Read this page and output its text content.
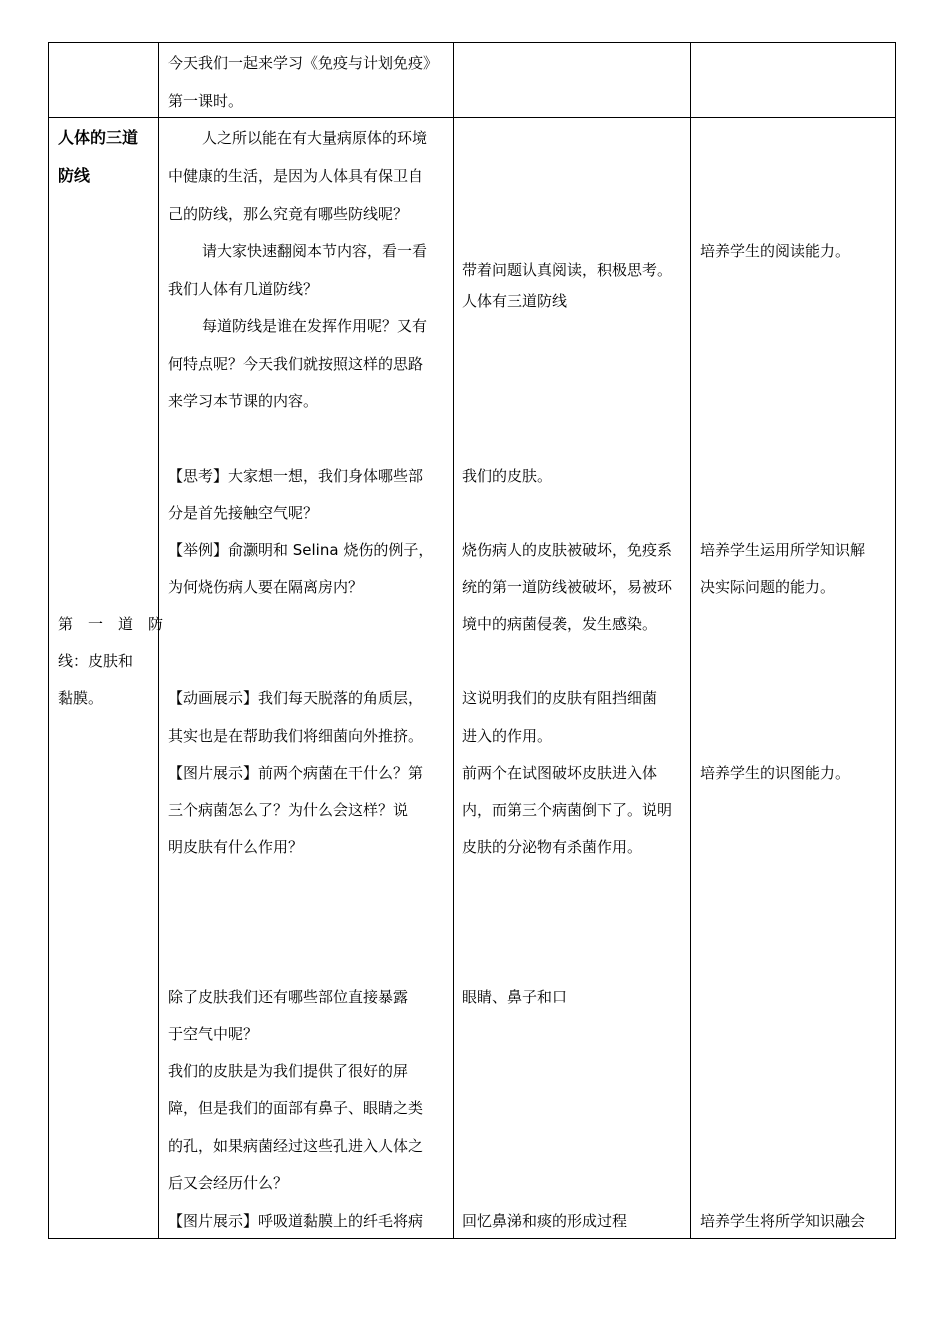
今天我们一起来学习《免疫与计划免疫》
第一课时。
人体的三道
防线
人之所以能在有大量病原体的环境
中健康的生活，是因为人体具有保卫自
己的防线，那么究竟有哪些防线呢？
请大家快速翻阅本节内容，看一看
我们人体有几道防线？
每道防线是谁在发挥作用呢？又有
何特点呢？今天我们就按照这样的思路
来学习本节课的内容。
带着问题认真阅读，积极思考。
人体有三道防线
培养学生的阅读能力。
第　一　道　防
线：皮肤和
黏膜。
【思考】大家想一想，我们身体哪些部
分是首先接触空气呢？
我们的皮肤。
【举例】俞灏明和 Selina 烧伤的例子，
为何烧伤病人要在隔离房内？
烧伤病人的皮肤被破坏，免疫系
统的第一道防线被破坏，易被环
境中的病菌侵袭，发生感染。
培养学生运用所学知识解
决实际问题的能力。
【动画展示】我们每天脱落的角质层，
其实也是在帮助我们将细菌向外推挤。
这说明我们的皮肤有阻挡细菌
进入的作用。
【图片展示】前两个病菌在干什么？第
三个病菌怎么了？为什么会这样？说
明皮肤有什么作用？
前两个在试图破坏皮肤进入体
内，而第三个病菌倒下了。说明
皮肤的分泌物有杀菌作用。
培养学生的识图能力。
除了皮肤我们还有哪些部位直接暴露
于空气中呢？
眼睛、鼻子和口
我们的皮肤是为我们提供了很好的屏
障，但是我们的面部有鼻子、眼睛之类
的孔，如果病菌经过这些孔进入人体之
后又会经历什么？
【图片展示】呼吸道黏膜上的纤毛将病	回忆鼻涕和痰的形成过程	培养学生将所学知识融会
